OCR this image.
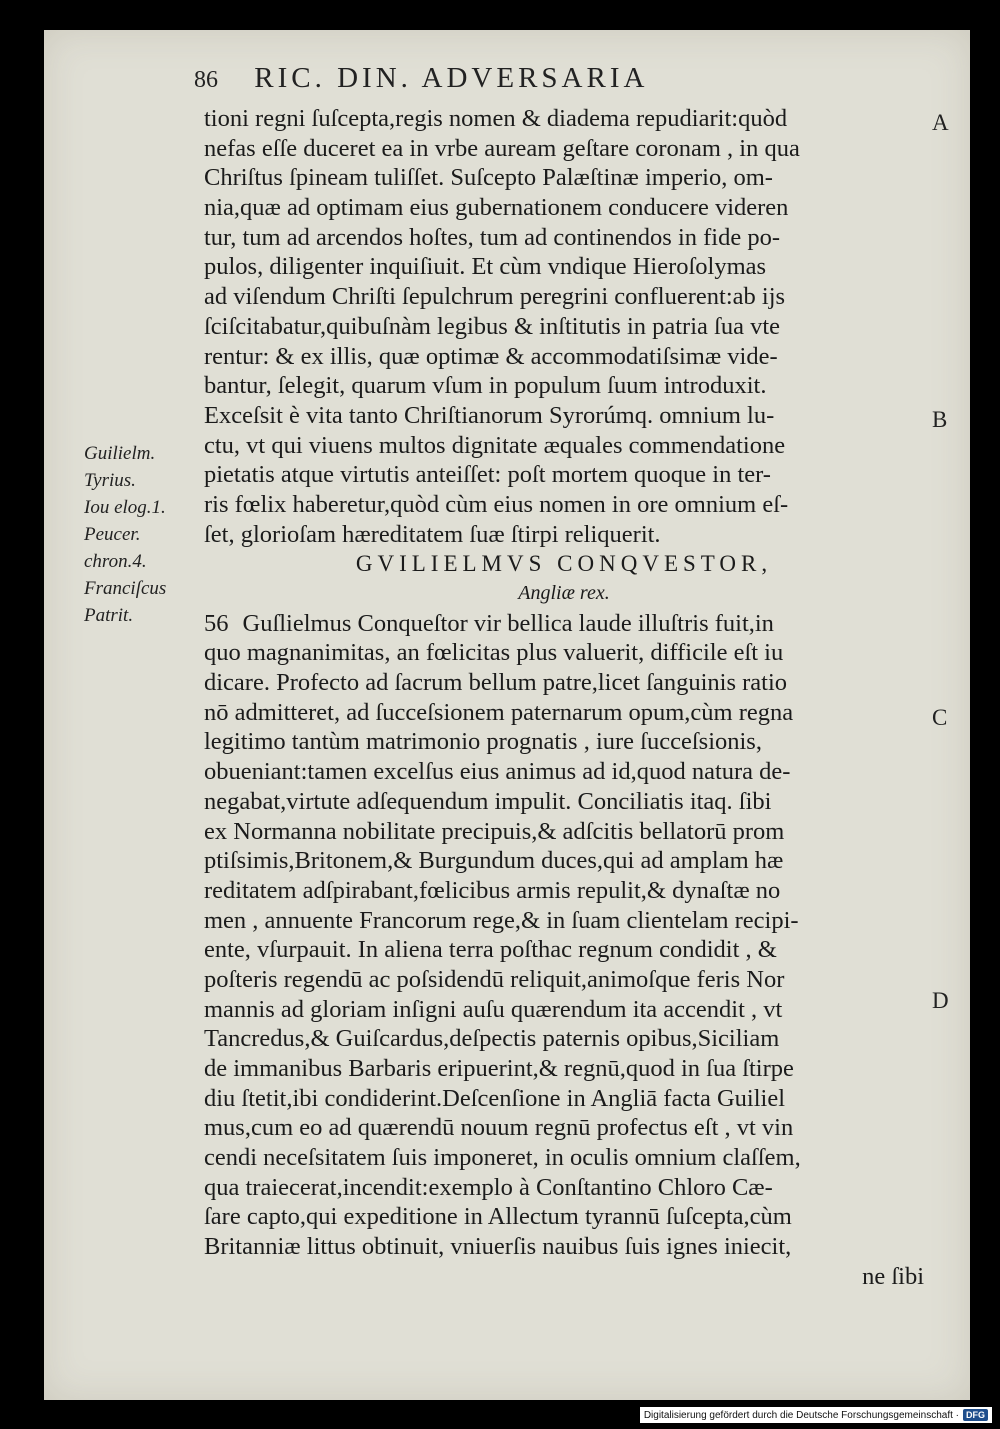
86 RIC. DIN. ADVERSARIA
Guilielm.
Tyrius.
Iou elog.1.
Peucer.
chron.4.
Franciſcus
Patrit.
A
B
C
D
tioni regni ſuſcepta,regis nomen & diadema repudiarit:quòd
nefas eſſe duceret ea in vrbe auream geſtare coronam , in qua
Chriſtus ſpineam tuliſſet. Suſcepto Palæſtinæ imperio, om-
nia,quæ ad optimam eius gubernationem conducere videren
tur, tum ad arcendos hoſtes, tum ad continendos in fide po-
pulos, diligenter inquiſiuit. Et cùm vndique Hieroſolymas
ad viſendum Chriſti ſepulchrum peregrini confluerent:ab ijs
ſciſcitabatur,quibuſnàm legibus & inſtitutis in patria ſua vte
rentur: & ex illis, quæ optimæ & accommodatiſsimæ vide-
bantur, ſelegit, quarum vſum in populum ſuum introduxit.
Exceſsit è vita tanto Chriſtianorum Syrorúmq. omnium lu-
ctu, vt qui viuens multos dignitate æquales commendatione
pietatis atque virtutis anteiſſet: poſt mortem quoque in ter-
ris fœlix haberetur,quòd cùm eius nomen in ore omnium eſ-
ſet, glorioſam hæreditatem ſuæ ſtirpi reliquerit.
GVILIELMVS CONQVESTOR,
Angliæ rex.
56 Guſlielmus Conqueſtor vir bellica laude illuſtris fuit,in
quo magnanimitas, an fœlicitas plus valuerit, difficile eſt iu
dicare. Profecto ad ſacrum bellum patre,licet ſanguinis ratio
nō admitteret, ad ſucceſsionem paternarum opum,cùm regna
legitimo tantùm matrimonio prognatis , iure ſucceſsionis,
obueniant:tamen excelſus eius animus ad id,quod natura de-
negabat,virtute adſequendum impulit. Conciliatis itaq. ſibi
ex Normanna nobilitate precipuis,& adſcitis bellatorū prom
ptiſsimis,Britonem,& Burgundum duces,qui ad amplam hæ
reditatem adſpirabant,fœlicibus armis repulit,& dynaſtæ no
men , annuente Francorum rege,& in ſuam clientelam recipi-
ente, vſurpauit. In aliena terra poſthac regnum condidit , &
poſteris regendū ac poſsidendū reliquit,animoſque feris Nor
mannis ad gloriam inſigni auſu quærendum ita accendit , vt
Tancredus,& Guiſcardus,deſpectis paternis opibus,Siciliam
de immanibus Barbaris eripuerint,& regnū,quod in ſua ſtirpe
diu ſtetit,ibi condiderint.Deſcenſione in Angliā facta Guiliel
mus,cum eo ad quærendū nouum regnū profectus eſt , vt vin
cendi neceſsitatem ſuis imponeret, in oculis omnium claſſem,
qua traiecerat,incendit:exemplo à Conſtantino Chloro Cæ-
ſare capto,qui expeditione in Allectum tyrannū ſuſcepta,cùm
Britanniæ littus obtinuit, vniuerſis nauibus ſuis ignes iniecit,
ne ſibi
Digitalisierung gefördert durch die Deutsche Forschungsgemeinschaft · DFG
